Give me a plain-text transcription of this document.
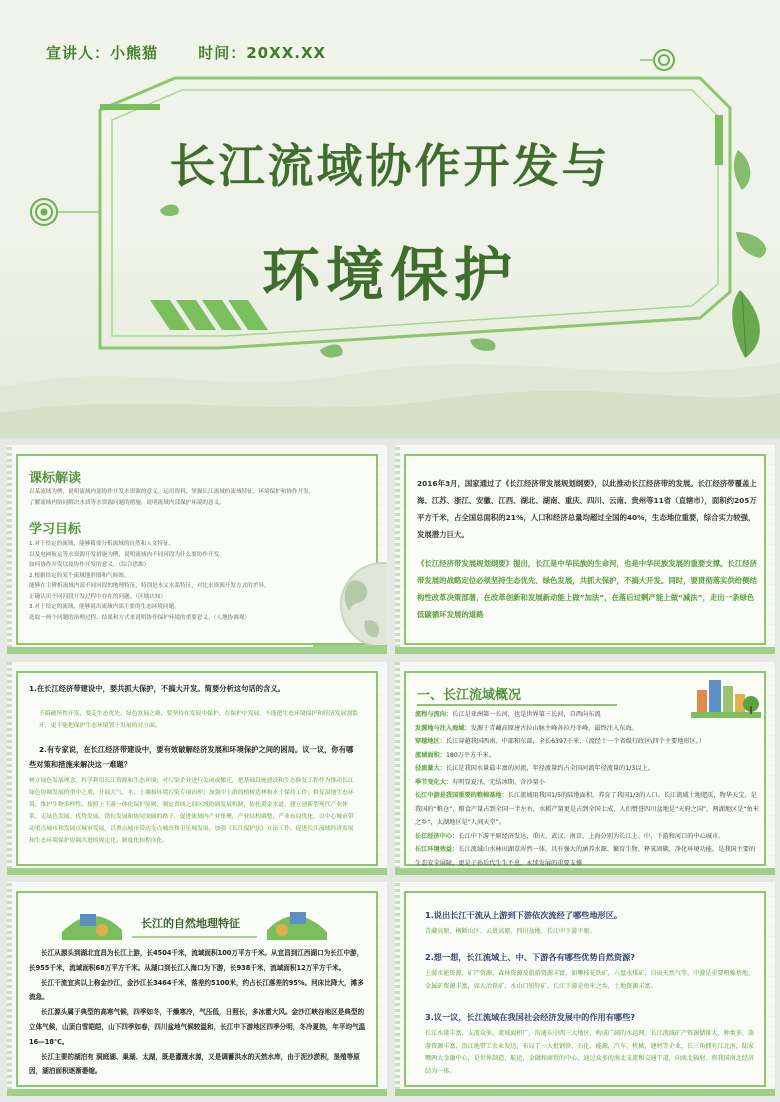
宣讲人：小熊猫	时间：20XX.XX
长江流域协作开发与
环境保护
课标解读
以某流域为例，说明流域内部协作开发水资源的意义。运用资料，掌握长江流域的流域特征、环境保护和协作开发。
了解流域内协同解决水质等水资源问题的措施，说明流域内部保护环境的意义。
学习目标
1.对于给定的流域，能够简要分析流域的自然和人文特征。
以及电网航运等水资源开发措施为例，说明流域内不同河段为什么要协作开发。
如何协作开发以及协作开发的意义。（综合思维）
2.根据给定的某个流域地形图和气候图。
能够在主辨析流域内部不同河段的地理特征，特别是水文水系特征，对比水资源开发方式的差异，
正确认识不同河段开发过程中存在的问题。（区域认知）
3.对于给定的流域，能够说出流域内部主要的生态环境问题。
选取一两个问题的治理过程，结果和方式来说明协作保护环境的重要意义。（人地协调观）
2016年3月，国家通过了《长江经济带发展规划纲要》，以此推动长江经济带的发展。长江经济带覆盖上海、江苏、浙江、安徽、江西、湖北、湖南、重庆、四川、云南、贵州等11省（直辖市），面积约205万平方千米，占全国总面积的21%，人口和经济总量均超过全国的40%，生态地位重要，综合实力较强，发展潜力巨大。
《长江经济带发展规划纲要》提出，长江是中华民族的生命河，也是中华民族发展的重要支撑。长江经济带发展的战略定位必须坚持生态优先、绿色发展，共抓大保护，不搞大开发。同时，要贯彻落实供给侧结构性改革决策部署，在改革创新和发展新动能上做“加法”，在落后过剩产能上做“减法”，走出一条绿色低碳循环发展的道路
1.在长江经济带建设中，要共抓大保护，不搞大开发。简要分析这句话的含义。
不搞破坏性开发，要走生态优先、绿色发展之路，要坚持在发展中保护、在保护中发展，不能把生态环境保护和经济发展割裂开，更不能把保护生态环境置于发展的对立面。
2.有专家说，在长江经济带建设中，要有效破解经济发展和环境保护之间的困局。议一议，你有哪些对策和措施来解决这一难题？
树立绿色发展理念，科学利用长江资源和生态环境；对污染企业进行关闭或搬迁，把基础设施建设和生态修复工程作为推动长江绿色协调发展的重中之重，开展大气、水、土壤和环境污染专项治理；加强中上游的植树造林和水土保持工作；修复湿地生态环境，维护生物多样性。按照上下游一体化保护原则，制定省域之间区域协调发展机制，依托黄金水道，建立创新型现代产业体系，走绿色发展、优势发展、错位发展和协同突破的路子，促进流域内产业集聚，产业结构调整，产业布局优化，以中心城市带动重点城市和发展点城市发展，以重点城市带动支点城市和卫星城发展，加强《长江保护法》立法工作，促进长江流域经济发展和生态环境保护协调共进的规定化、制度化和程序化。
一、长江流域概况
流程与流向：长江是亚洲第一长河，也是世界第三长河，自西向东流
发源地与注入海域：发源于青藏高原唐古拉山脉主峰各拉丹冬峰，最终注入东海。
穿越地区：长江穿越我国西南、中部和东部，全长6397千米，（流经十一个省级行政区\四个主要地形区。）
流域面积：180万平方千米。
径流量大：长江是我国水量最丰富的河流，年径流量约占全国河流年径流量的1/3以上。
季节变化大：有明显夏汛、无结冰期、含沙量小
长江中游是我国重要的粮棉基地：长江流域用我国1/5的陆地面积，养育了我国1/3的人口。长江流域土地肥沃，物华天宝，是我国的“粮仓”，粮食产量占到全国一半左右，水稻产量更是占到全国七成，人们赞誉四川盆地是“天府之国”，两湖地区是“鱼米之乡”，太湖地区是“人间天堂”。
长江经济中心：长江中下游平原经济发达，重庆、武汉、南京、上海分别为长江上、中、下游和河口的中心城市。
长江环境效益：长江流域山水林田湖草浑然一体，具有强大的涵养水源、繁育生物、释氧固碳、净化环境功能，是我国主要的生态安全屏障，更是子孙后代生生不息、永续发展的重要支撑
长江的自然地理特征

长江从源头到湖北宜昌为长江上游，长4504千米，流域面积100万平方千米。从宜昌到江西湖口为长江中游，长955千米，流域面积68万平方千米。从湖口到长江入海口为下游，长938千米，流域面积12万平方千米。

长江干流宜宾以上称金沙江，金沙江长3464千米，落差约5100米，约占长江落差的95%。河床比降大，滩多流急。

长江源头属于典型的高寒气候，四季如冬，干燥寒冷，气压低，日照长，多冰雹大风。金沙江峡谷地区是典型的立体气候，山顶白雪皑皑，山下四季如春，四川盆地气候较温和，长江中下游地区四季分明，冬冷夏热，年平均气温16—18℃。

长江主要的湖泊有 洞庭湖、巢湖、太湖，既是灌溉水源，又是调蓄洪水的天然水库，由于泥沙淤积，垦殖等原因，湖泊面积逐渐萎缩。

1.说出长江干流从上游到下游依次流经了哪些地形区。
青藏高原、横断山区、云贵高原、四川盆地、长江中下游平原。
2.想一想，长江流域上、中、下游各有哪些优势自然资源?
上游水能资源、矿产资源、森林资源及旅游资源丰富，如攀枝花铁矿，六盘水煤矿，自贡天然气等，中游是重要粮棉基地，金属矿资源丰富，如大冶铁矿，水山口铅锌矿。长江下游是鱼米之乡，土地资源丰富。
3.议一议，长江流域在我国社会经济发展中的作用有哪些?
长江水量丰富，支流众多，流域面积广，沟通东中西三大地区，构成广阔的水运网。长江流域矿产资源储量大，种类多，旅游资源丰富，沿江地带工农业发达，布局了一大批钢铁，石化，能源，汽车，机械，建材等企业，长三角拥有江北南，陆家嘴两大金融中心，是世界制造，航运，金融和商贸的中心，通过众多的南北支流和交通干道，向南北辐射，将我国南北经济结为一体。
